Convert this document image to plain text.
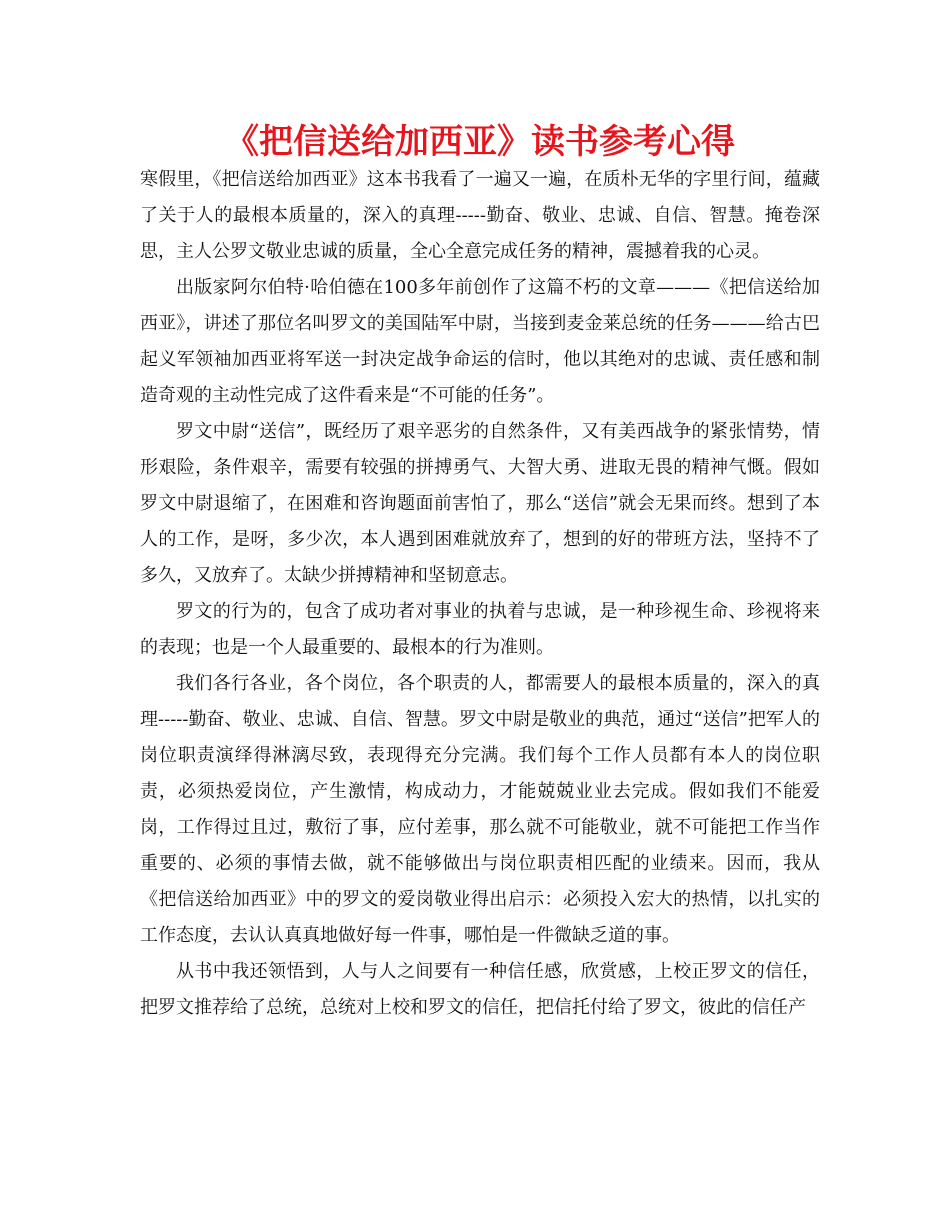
《把信送给加西亚》读书参考心得

寒假里，《把信送给加西亚》这本书我看了一遍又一遍，在质朴无华的字里行间，蕴藏了关于人的最根本质量的，深入的真理-----勤奋、敬业、忠诚、自信、智慧。掩卷深思，主人公罗文敬业忠诚的质量，全心全意完成任务的精神，震撼着我的心灵。

出版家阿尔伯特·哈伯德在100多年前创作了这篇不朽的文章———《把信送给加西亚》，讲述了那位名叫罗文的美国陆军中尉，当接到麦金莱总统的任务———给古巴起义军领袖加西亚将军送一封决定战争命运的信时，他以其绝对的忠诚、责任感和制造奇观的主动性完成了这件看来是“不可能的任务”。

罗文中尉“送信”，既经历了艰辛恶劣的自然条件，又有美西战争的紧张情势，情形艰险，条件艰辛，需要有较强的拼搏勇气、大智大勇、进取无畏的精神气慨。假如罗文中尉退缩了，在困难和咨询题面前害怕了，那么“送信”就会无果而终。想到了本人的工作，是呀，多少次，本人遇到困难就放弃了，想到的好的带班方法，坚持不了多久，又放弃了。太缺少拼搏精神和坚韧意志。

罗文的行为的，包含了成功者对事业的执着与忠诚，是一种珍视生命、珍视将来的表现；也是一个人最重要的、最根本的行为准则。

我们各行各业，各个岗位，各个职责的人，都需要人的最根本质量的，深入的真理-----勤奋、敬业、忠诚、自信、智慧。罗文中尉是敬业的典范，通过“送信”把军人的岗位职责演绎得淋漓尽致，表现得充分完满。我们每个工作人员都有本人的岗位职责，必须热爱岗位，产生激情，构成动力，才能兢兢业业去完成。假如我们不能爱岗，工作得过且过，敷衍了事，应付差事，那么就不可能敬业，就不可能把工作当作重要的、必须的事情去做，就不能够做出与岗位职责相匹配的业绩来。因而，我从《把信送给加西亚》中的罗文的爱岗敬业得出启示：必须投入宏大的热情，以扎实的工作态度，去认认真真地做好每一件事，哪怕是一件微缺乏道的事。

从书中我还领悟到，人与人之间要有一种信任感，欣赏感，上校正罗文的信任，把罗文推荐给了总统，总统对上校和罗文的信任，把信托付给了罗文，彼此的信任产
